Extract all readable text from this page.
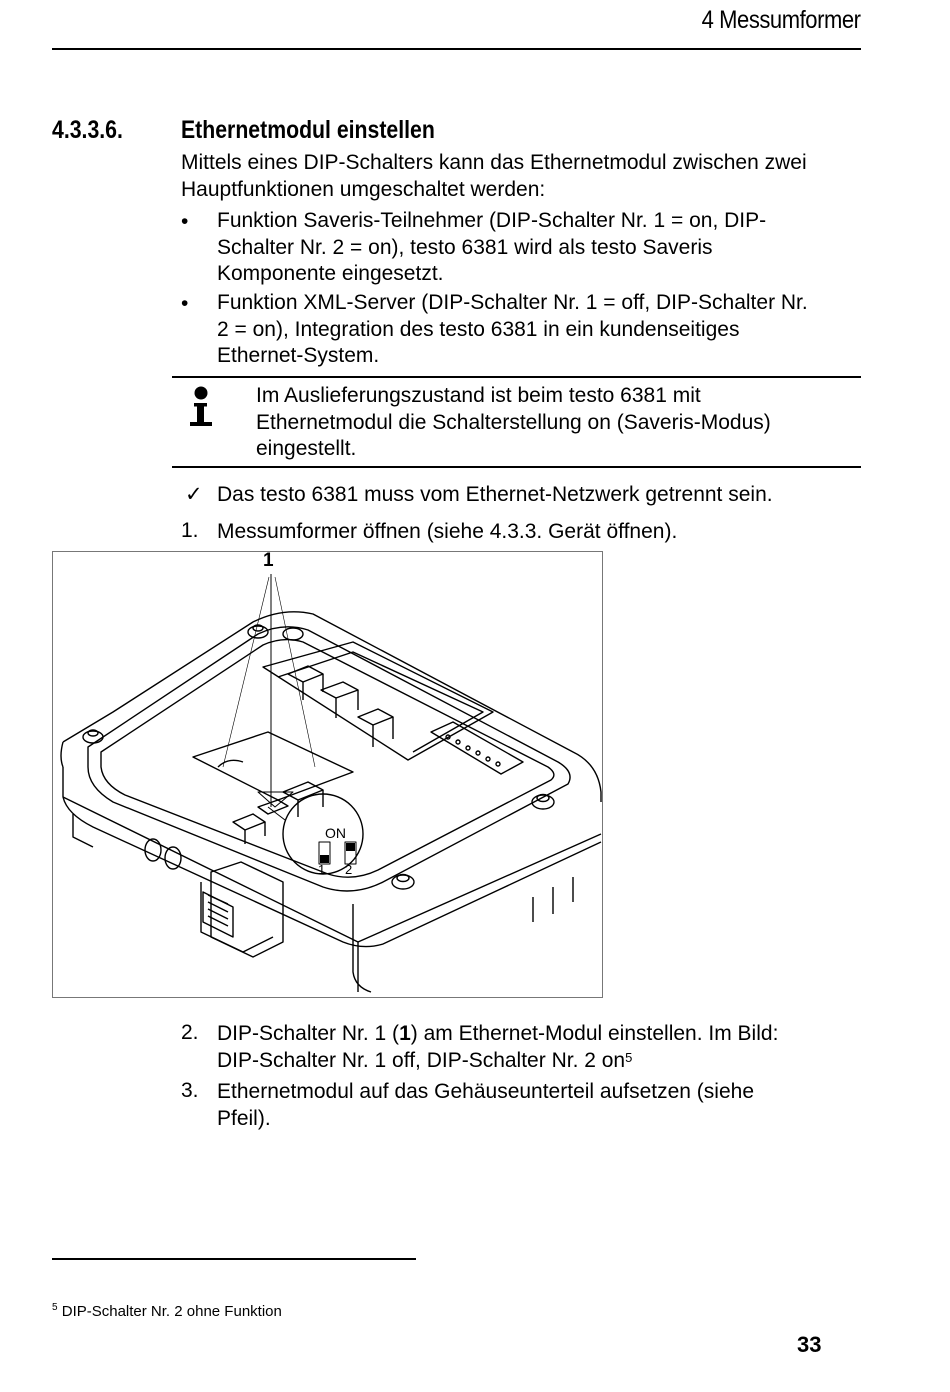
4 Messumformer
4.3.3.6. Ethernetmodul einstellen
Mittels eines DIP-Schalters kann das Ethernetmodul zwischen zwei
Hauptfunktionen umgeschaltet werden:
• Funktion Saveris-Teilnehmer (DIP-Schalter Nr. 1 = on, DIP-
Schalter Nr. 2 = on), testo 6381 wird als testo Saveris
Komponente eingesetzt.
• Funktion XML-Server (DIP-Schalter Nr. 1 = off, DIP-Schalter Nr.
2 = on), Integration des testo 6381 in ein kundenseitiges
Ethernet-System.
Im Auslieferungszustand ist beim testo 6381 mit
Ethernetmodul die Schalterstellung on (Saveris-Modus)
eingestellt.
✓ Das testo 6381 muss vom Ethernet-Netzwerk getrennt sein.
1. Messumformer öffnen (siehe 4.3.3. Gerät öffnen).
1
ON
1 2
2. DIP-Schalter Nr. 1 (1) am Ethernet-Modul einstellen. Im Bild:
DIP-Schalter Nr. 1 off, DIP-Schalter Nr. 2 on$^5$
3. Ethernetmodul auf das Gehäuseunterteil aufsetzen (siehe
Pfeil).
$^5$ DIP-Schalter Nr. 2 ohne Funktion
33
